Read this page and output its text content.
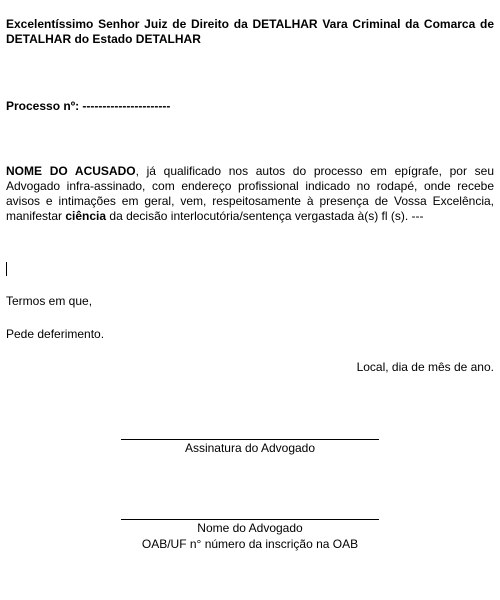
Excelentíssimo Senhor Juiz de Direito da DETALHAR Vara Criminal da Comarca de DETALHAR do Estado DETALHAR
Processo nº: ----------------------
NOME DO ACUSADO, já qualificado nos autos do processo em epígrafe, por seu Advogado infra-assinado, com endereço profissional indicado no rodapé, onde recebe avisos e intimações em geral, vem, respeitosamente à presença de Vossa Excelência, manifestar ciência da decisão interlocutória/sentença vergastada à(s) fl (s). ---
Termos em que,
Pede deferimento.
Local, dia de mês de ano.
Assinatura do Advogado
Nome do Advogado
OAB/UF n° número da inscrição na OAB
